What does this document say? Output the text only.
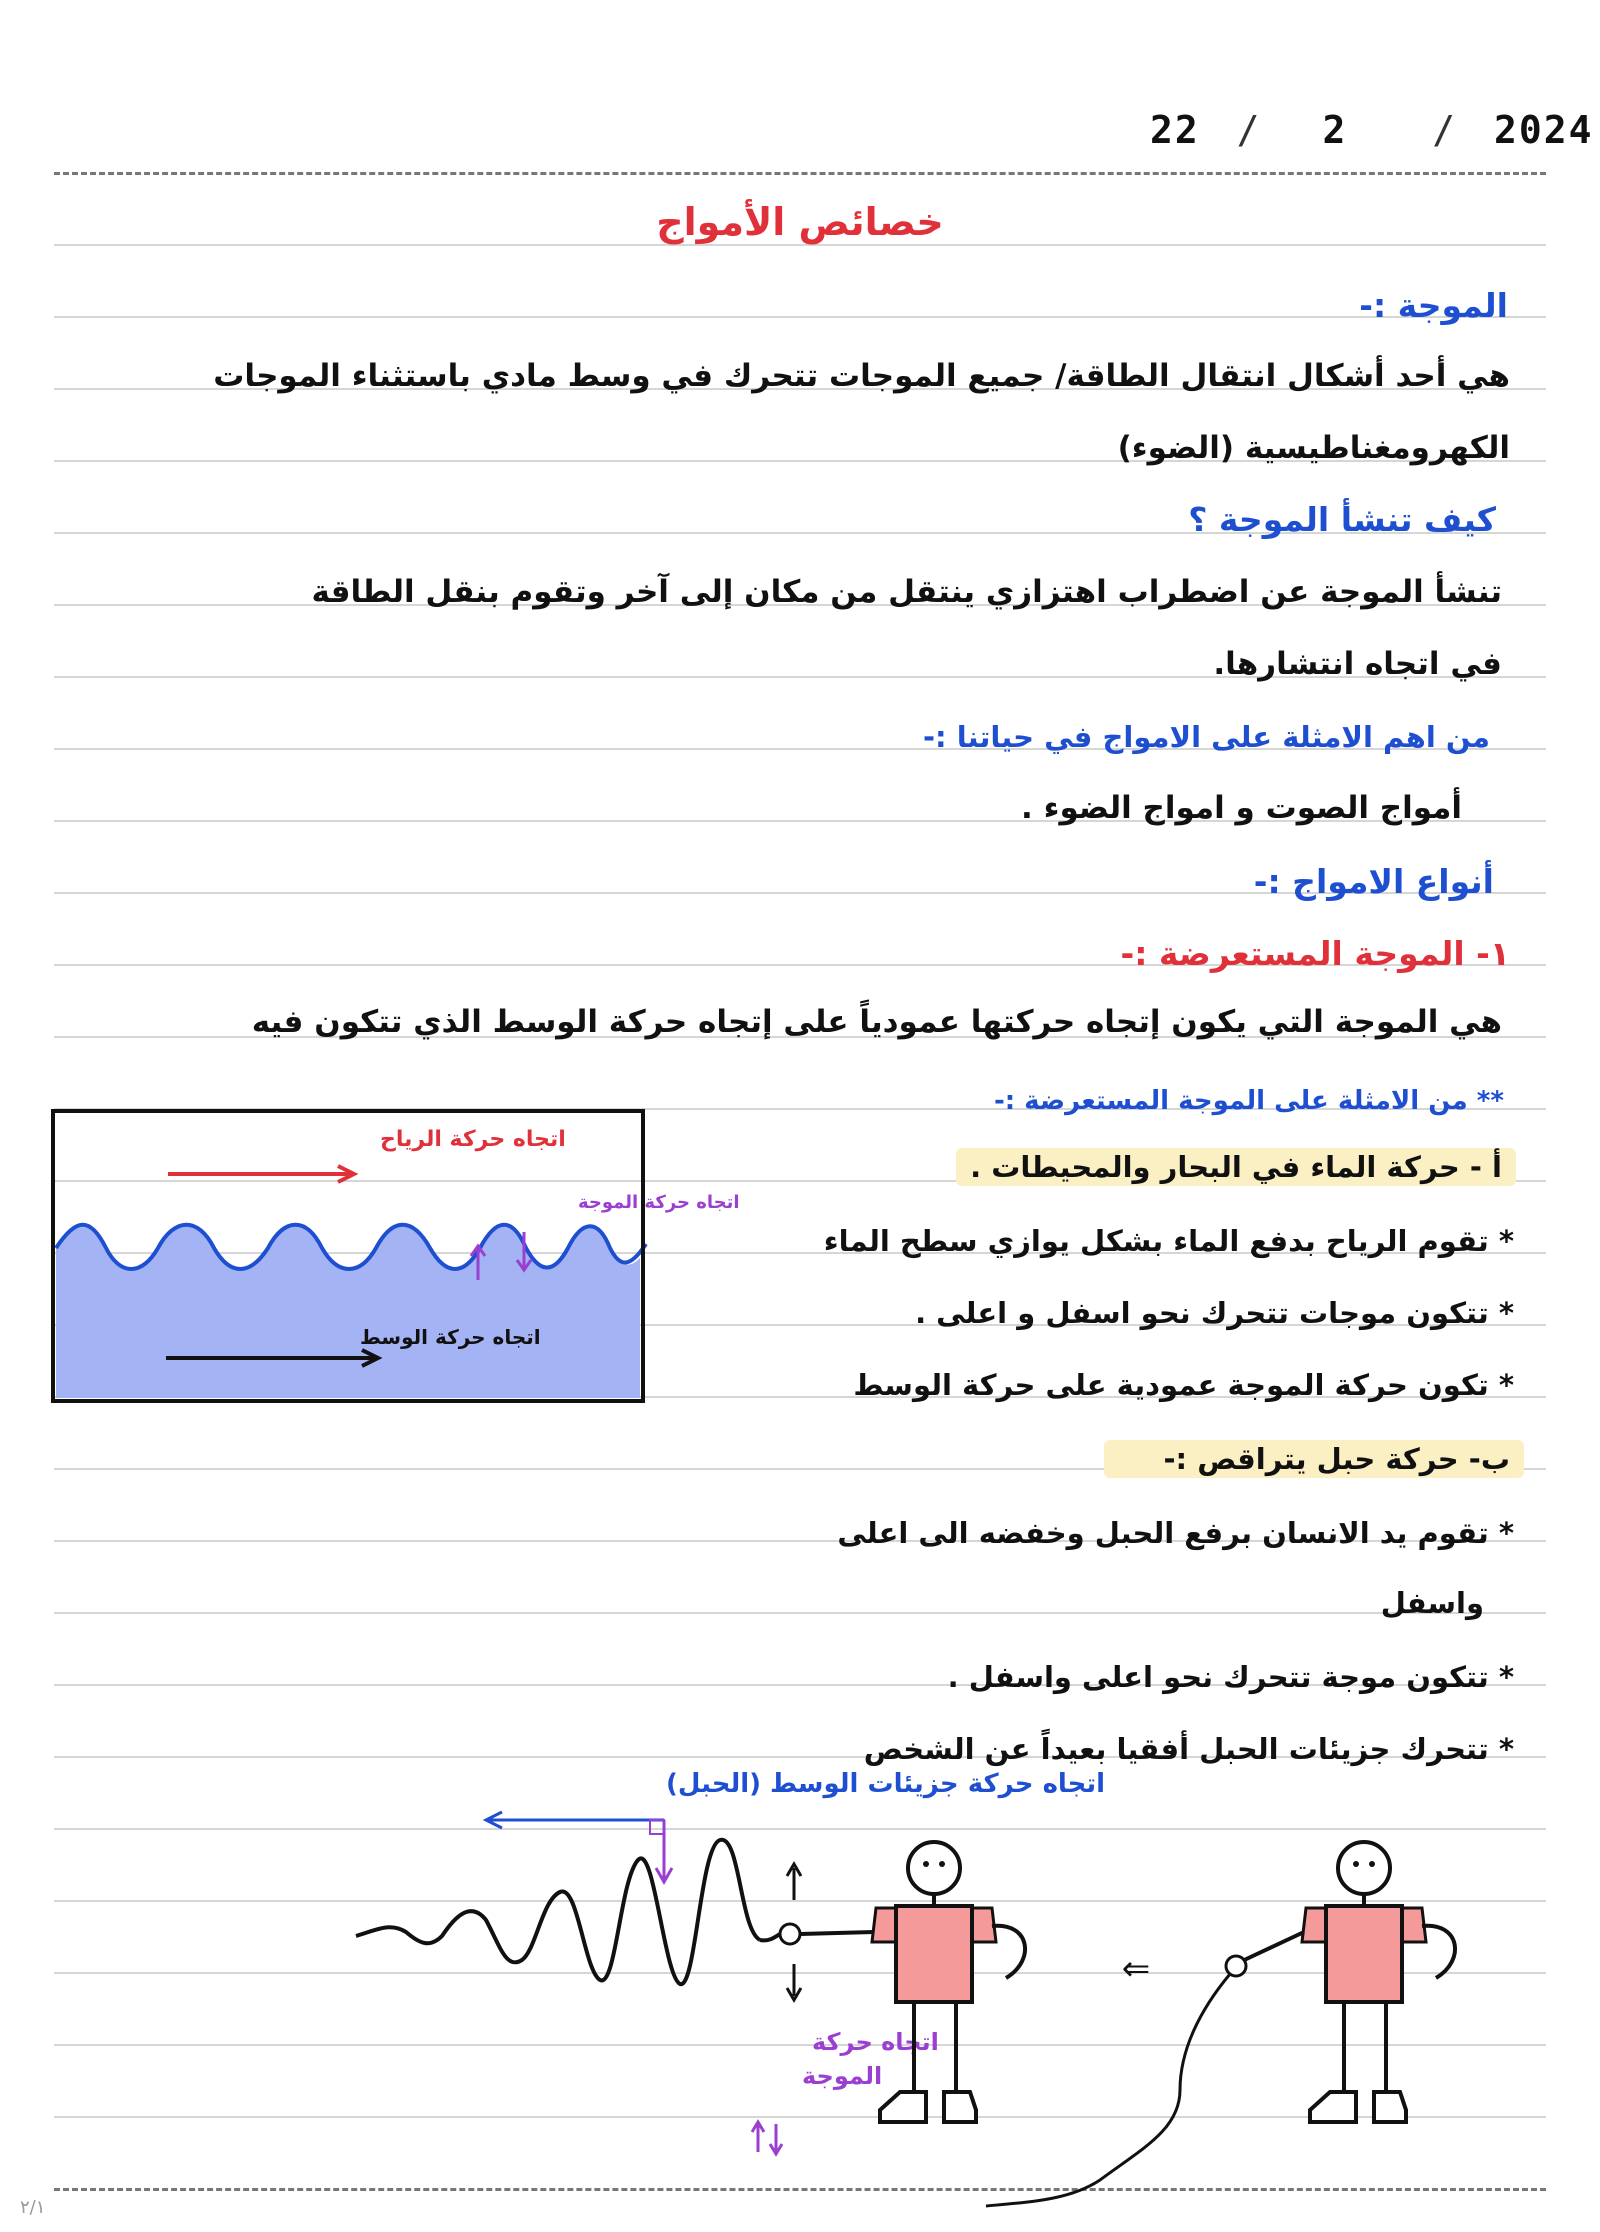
22 / 2 / 2024
خصائص الأمواج
الموجة :-
هي أحد أشكال انتقال الطاقة/ جميع الموجات تتحرك في وسط مادي باستثناء الموجات
الكهرومغناطيسية (الضوء)
كيف تنشأ الموجة ؟
تنشأ الموجة عن اضطراب اهتزازي ينتقل من مكان إلى آخر وتقوم بنقل الطاقة
في اتجاه انتشارها.
من اهم الامثلة على الامواج في حياتنا :-
أمواج الصوت و امواج الضوء .
أنواع الامواج :-
١- الموجة المستعرضة :-
هي الموجة التي يكون إتجاه حركتها عمودياً على إتجاه حركة الوسط الذي تتكون فيه
** من الامثلة على الموجة المستعرضة :-
أ - حركة الماء في البحار والمحيطات .
* تقوم الرياح بدفع الماء بشكل يوازي سطح الماء
* تتكون موجات تتحرك نحو اسفل و اعلى .
* تكون حركة الموجة عمودية على حركة الوسط
ب- حركة حبل يتراقص :-
* تقوم يد الانسان برفع الحبل وخفضه الى اعلى
واسفل
* تتكون موجة تتحرك نحو اعلى واسفل .
* تتحرك جزيئات الحبل أفقيا بعيداً عن الشخص
اتجاه حركة الرياح
اتجاه حركة الموجة
اتجاه حركة الوسط
اتجاه حركة جزيئات الوسط (الحبل)
اتجاه حركة
الموجة
⇐
٢/١
